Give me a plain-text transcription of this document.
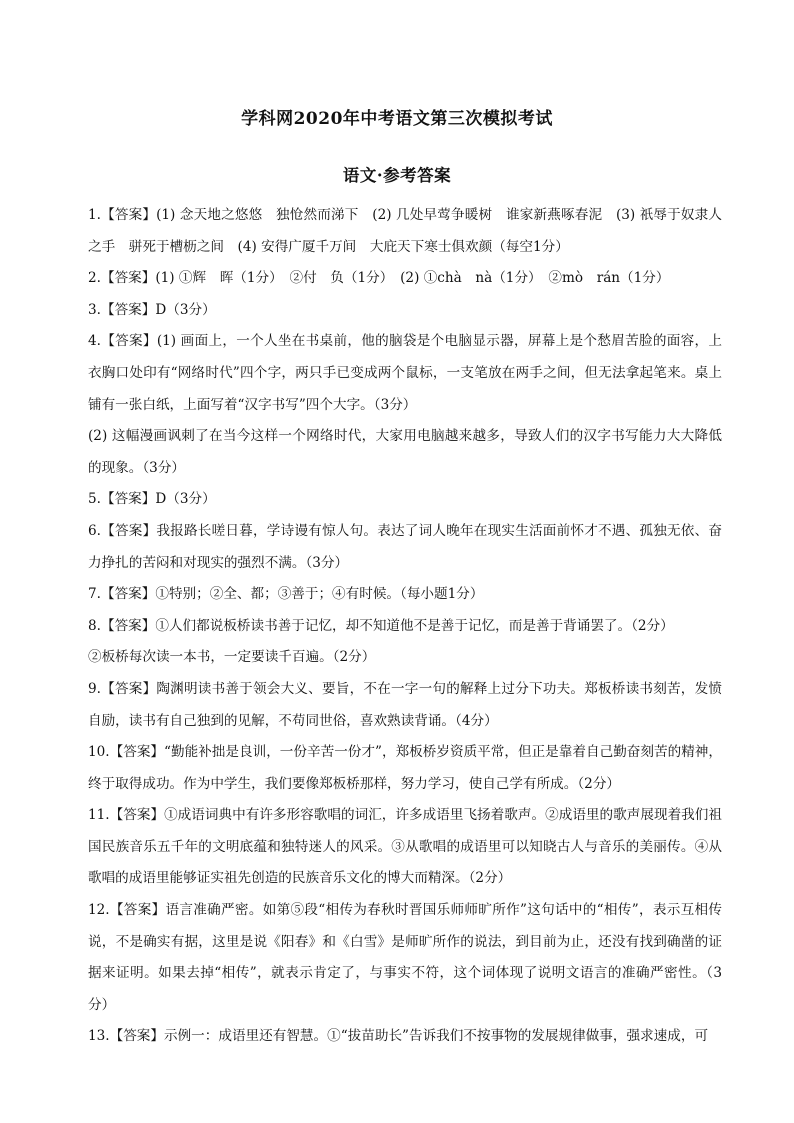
学科网2020年中考语文第三次模拟考试
语文·参考答案

1.【答案】(1) 念天地之悠悠　独怆然而涕下　(2) 几处早莺争暖树　谁家新燕啄春泥　(3) 祇辱于奴隶人之手　骈死于槽枥之间　(4) 安得广厦千万间　大庇天下寒士俱欢颜（每空1分）

2.【答案】(1) ①辉　晖（1分）　②付　负（1分）　(2) ①chà　nà（1分）　②mò　rán（1分）

3.【答案】D（3分）

4.【答案】(1) 画面上，一个人坐在书桌前，他的脑袋是个电脑显示器，屏幕上是个愁眉苦脸的面容，上衣胸口处印有“网络时代”四个字，两只手已变成两个鼠标，一支笔放在两手之间，但无法拿起笔来。桌上铺有一张白纸，上面写着“汉字书写”四个大字。（3分）

(2) 这幅漫画讽刺了在当今这样一个网络时代，大家用电脑越来越多，导致人们的汉字书写能力大大降低的现象。（3分）

5.【答案】D（3分）

6.【答案】我报路长嗟日暮，学诗谩有惊人句。表达了词人晚年在现实生活面前怀才不遇、孤独无依、奋力挣扎的苦闷和对现实的强烈不满。（3分）

7.【答案】①特别；②全、都；③善于；④有时候。（每小题1分）

8.【答案】①人们都说板桥读书善于记忆，却不知道他不是善于记忆，而是善于背诵罢了。（2分）

②板桥每次读一本书，一定要读千百遍。（2分）

9.【答案】陶渊明读书善于领会大义、要旨，不在一字一句的解释上过分下功夫。郑板桥读书刻苦，发愤自励，读书有自己独到的见解，不苟同世俗，喜欢熟读背诵。（4分）

10.【答案】“勤能补拙是良训，一份辛苦一份才”，郑板桥岁资质平常，但正是靠着自己勤奋刻苦的精神，终于取得成功。作为中学生，我们要像郑板桥那样，努力学习，使自己学有所成。（2分）

11.【答案】①成语词典中有许多形容歌唱的词汇，许多成语里飞扬着歌声。②成语里的歌声展现着我们祖国民族音乐五千年的文明底蕴和独特迷人的风采。③从歌唱的成语里可以知晓古人与音乐的美丽传。④从歌唱的成语里能够证实祖先创造的民族音乐文化的博大而精深。（2分）

12.【答案】语言准确严密。如第⑤段“相传为春秋时晋国乐师师旷所作”这句话中的“相传”，表示互相传说，不是确实有据，这里是说《阳春》和《白雪》是师旷所作的说法，到目前为止，还没有找到确凿的证据来证明。如果去掉“相传”，就表示肯定了，与事实不符，这个词体现了说明文语言的准确严密性。（3分）

13.【答案】示例一：成语里还有智慧。①“拔苗助长”告诉我们不按事物的发展规律做事，强求速成，可
